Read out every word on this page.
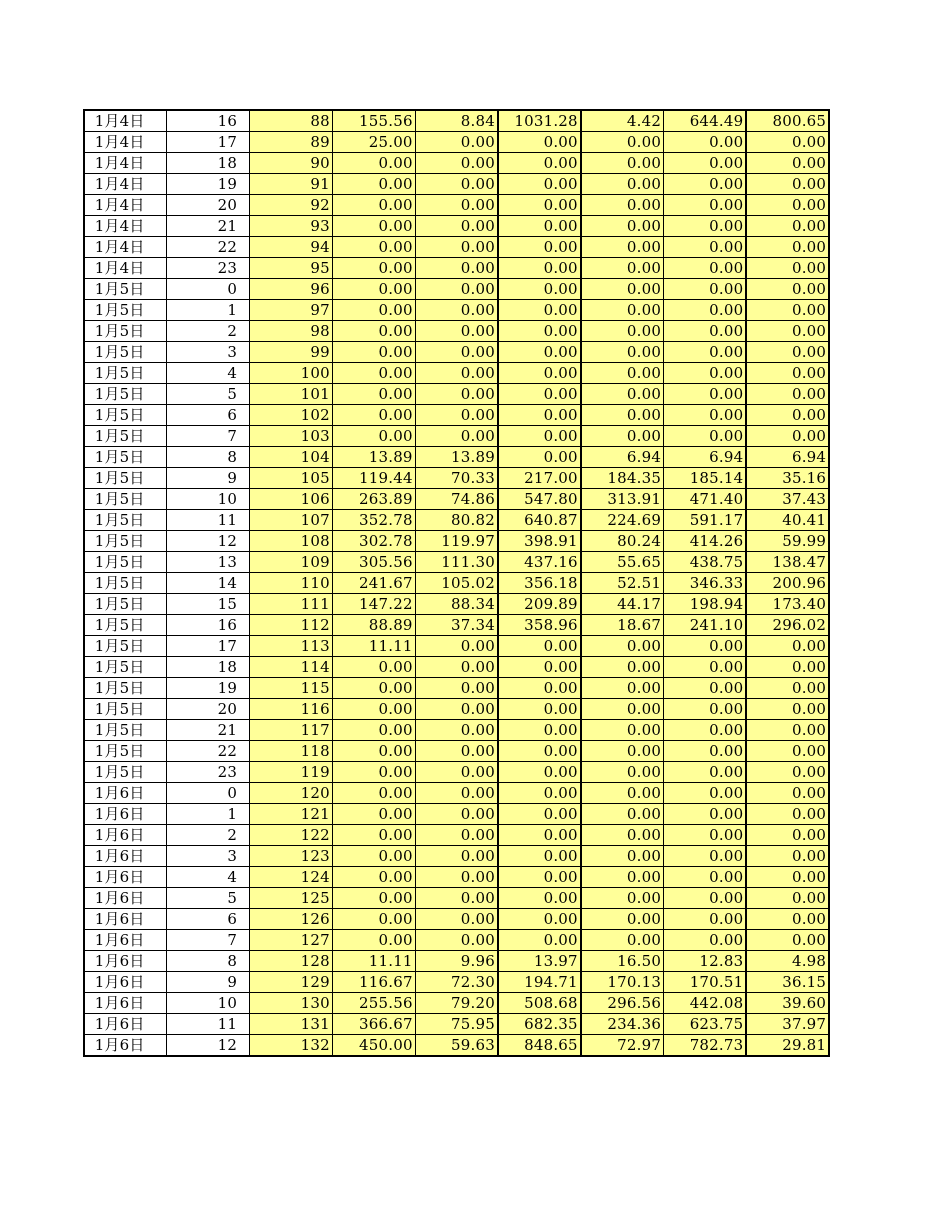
1月4日	16	88	155.56	8.84	1031.28	4.42	644.49	800.65
1月4日	17	89	25.00	0.00	0.00	0.00	0.00	0.00
1月4日	18	90	0.00	0.00	0.00	0.00	0.00	0.00
1月4日	19	91	0.00	0.00	0.00	0.00	0.00	0.00
1月4日	20	92	0.00	0.00	0.00	0.00	0.00	0.00
1月4日	21	93	0.00	0.00	0.00	0.00	0.00	0.00
1月4日	22	94	0.00	0.00	0.00	0.00	0.00	0.00
1月4日	23	95	0.00	0.00	0.00	0.00	0.00	0.00
1月5日	0	96	0.00	0.00	0.00	0.00	0.00	0.00
1月5日	1	97	0.00	0.00	0.00	0.00	0.00	0.00
1月5日	2	98	0.00	0.00	0.00	0.00	0.00	0.00
1月5日	3	99	0.00	0.00	0.00	0.00	0.00	0.00
1月5日	4	100	0.00	0.00	0.00	0.00	0.00	0.00
1月5日	5	101	0.00	0.00	0.00	0.00	0.00	0.00
1月5日	6	102	0.00	0.00	0.00	0.00	0.00	0.00
1月5日	7	103	0.00	0.00	0.00	0.00	0.00	0.00
1月5日	8	104	13.89	13.89	0.00	6.94	6.94	6.94
1月5日	9	105	119.44	70.33	217.00	184.35	185.14	35.16
1月5日	10	106	263.89	74.86	547.80	313.91	471.40	37.43
1月5日	11	107	352.78	80.82	640.87	224.69	591.17	40.41
1月5日	12	108	302.78	119.97	398.91	80.24	414.26	59.99
1月5日	13	109	305.56	111.30	437.16	55.65	438.75	138.47
1月5日	14	110	241.67	105.02	356.18	52.51	346.33	200.96
1月5日	15	111	147.22	88.34	209.89	44.17	198.94	173.40
1月5日	16	112	88.89	37.34	358.96	18.67	241.10	296.02
1月5日	17	113	11.11	0.00	0.00	0.00	0.00	0.00
1月5日	18	114	0.00	0.00	0.00	0.00	0.00	0.00
1月5日	19	115	0.00	0.00	0.00	0.00	0.00	0.00
1月5日	20	116	0.00	0.00	0.00	0.00	0.00	0.00
1月5日	21	117	0.00	0.00	0.00	0.00	0.00	0.00
1月5日	22	118	0.00	0.00	0.00	0.00	0.00	0.00
1月5日	23	119	0.00	0.00	0.00	0.00	0.00	0.00
1月6日	0	120	0.00	0.00	0.00	0.00	0.00	0.00
1月6日	1	121	0.00	0.00	0.00	0.00	0.00	0.00
1月6日	2	122	0.00	0.00	0.00	0.00	0.00	0.00
1月6日	3	123	0.00	0.00	0.00	0.00	0.00	0.00
1月6日	4	124	0.00	0.00	0.00	0.00	0.00	0.00
1月6日	5	125	0.00	0.00	0.00	0.00	0.00	0.00
1月6日	6	126	0.00	0.00	0.00	0.00	0.00	0.00
1月6日	7	127	0.00	0.00	0.00	0.00	0.00	0.00
1月6日	8	128	11.11	9.96	13.97	16.50	12.83	4.98
1月6日	9	129	116.67	72.30	194.71	170.13	170.51	36.15
1月6日	10	130	255.56	79.20	508.68	296.56	442.08	39.60
1月6日	11	131	366.67	75.95	682.35	234.36	623.75	37.97
1月6日	12	132	450.00	59.63	848.65	72.97	782.73	29.81
